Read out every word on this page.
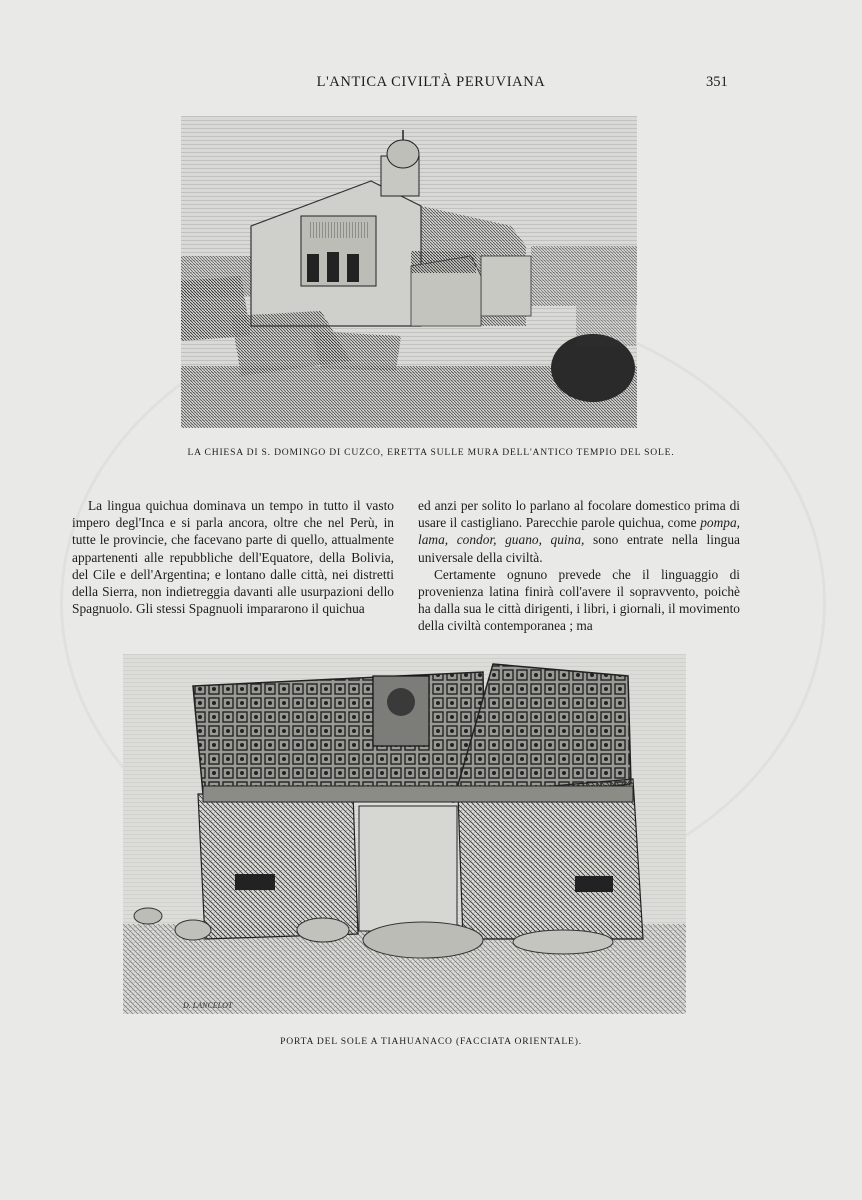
L'ANTICA CIVILTÀ PERUVIANA	351
LA CHIESA DI S. DOMINGO DI CUZCO, ERETTA SULLE MURA DELL'ANTICO TEMPIO DEL SOLE.

La lingua quichua dominava un tempo in tutto il vasto impero degl'Inca e si parla ancora, oltre che nel Perù, in tutte le provincie, che facevano parte di quello, attualmente appartenenti alle repubbliche dell'Equatore, della Bolivia, del Cile e dell'Argentina; e lontano dalle città, nei distretti della Sierra, non indietreggia davanti alle usurpazioni dello Spagnuolo. Gli stessi Spagnuoli impararono il quichua

ed anzi per solito lo parlano al focolare domestico prima di usare il castigliano. Parecchie parole quichua, come pompa, lama, condor, guano, quina, sono entrate nella lingua universale della civiltà.

Certamente ognuno prevede che il linguaggio di provenienza latina finirà coll'avere il sopravvento, poichè ha dalla sua le città dirigenti, i libri, i giornali, il movimento della civiltà contemporanea ; ma

D. LANCELOT
PORTA DEL SOLE A TIAHUANACO (FACCIATA ORIENTALE).
